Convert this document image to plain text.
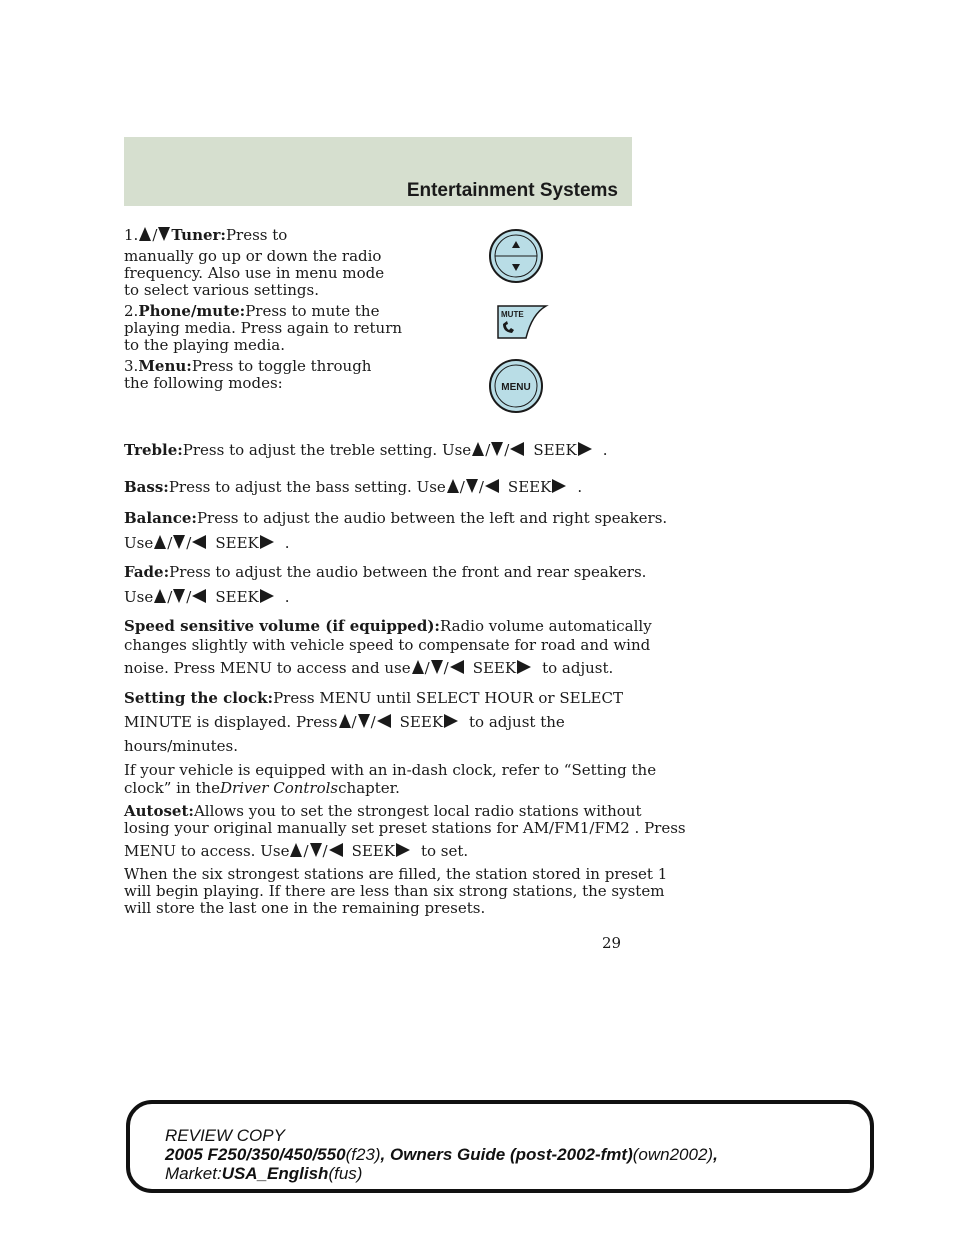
Entertainment Systems
1. / Tuner:Press to
manually go up or down the radio
frequency. Also use in menu mode
to select various settings.
2.Phone/mute:Press to mute the
playing media. Press again to return
to the playing media.
MUTE
3.Menu:Press to toggle through
the following modes:	MENU
Treble:Press to adjust the treble setting. Use / / SEEK .
Bass:Press to adjust the bass setting. Use / / SEEK .
Balance:Press to adjust the audio between the left and right speakers.
Use / / SEEK .
Fade:Press to adjust the audio between the front and rear speakers.
Use / / SEEK .
Speed sensitive volume (if equipped):Radio volume automatically
changes slightly with vehicle speed to compensate for road and wind
noise. Press MENU to access and use / / SEEK to adjust.
Setting the clock:Press MENU until SELECT HOUR or SELECT
MINUTE is displayed. Press / / SEEK to adjust the
hours/minutes.
If your vehicle is equipped with an in-dash clock, refer to “Setting the
clock” in theDriver Controlschapter.
Autoset:Allows you to set the strongest local radio stations without
losing your original manually set preset stations for AM/FM1/FM2 . Press
MENU to access. Use / / SEEK to set.
When the six strongest stations are filled, the station stored in preset 1
will begin playing. If there are less than six strong stations, the system
will store the last one in the remaining presets.
29
REVIEW COPY
2005 F250/350/450/550(f23), Owners Guide (post-2002-fmt)(own2002),
Market:USA_English(fus)
